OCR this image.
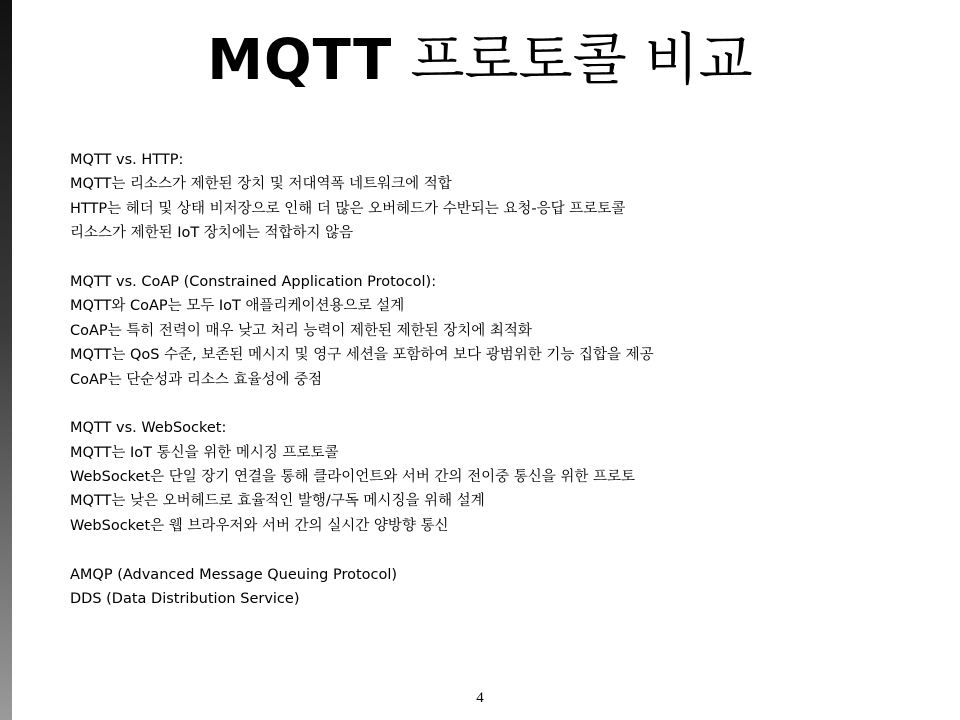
MQTT 프로토콜 비교
MQTT vs. HTTP:
MQTT는 리소스가 제한된 장치 및 저대역폭 네트워크에 적합
HTTP는 헤더 및 상태 비저장으로 인해 더 많은 오버헤드가 수반되는 요청-응답 프로토콜
리소스가 제한된 IoT 장치에는 적합하지 않음
MQTT vs. CoAP (Constrained Application Protocol):
MQTT와 CoAP는 모두 IoT 애플리케이션용으로 설계
CoAP는 특히 전력이 매우 낮고 처리 능력이 제한된 제한된 장치에 최적화
MQTT는 QoS 수준, 보존된 메시지 및 영구 세션을 포함하여 보다 광범위한 기능 집합을 제공
CoAP는 단순성과 리소스 효율성에 중점
MQTT vs. WebSocket:
MQTT는 IoT 통신을 위한 메시징 프로토콜
WebSocket은 단일 장기 연결을 통해 클라이언트와 서버 간의 전이중 통신을 위한 프로토
MQTT는 낮은 오버헤드로 효율적인 발행/구독 메시징을 위해 설계
WebSocket은 웹 브라우저와 서버 간의 실시간 양방향 통신
AMQP (Advanced Message Queuing Protocol)
DDS (Data Distribution Service)
4
